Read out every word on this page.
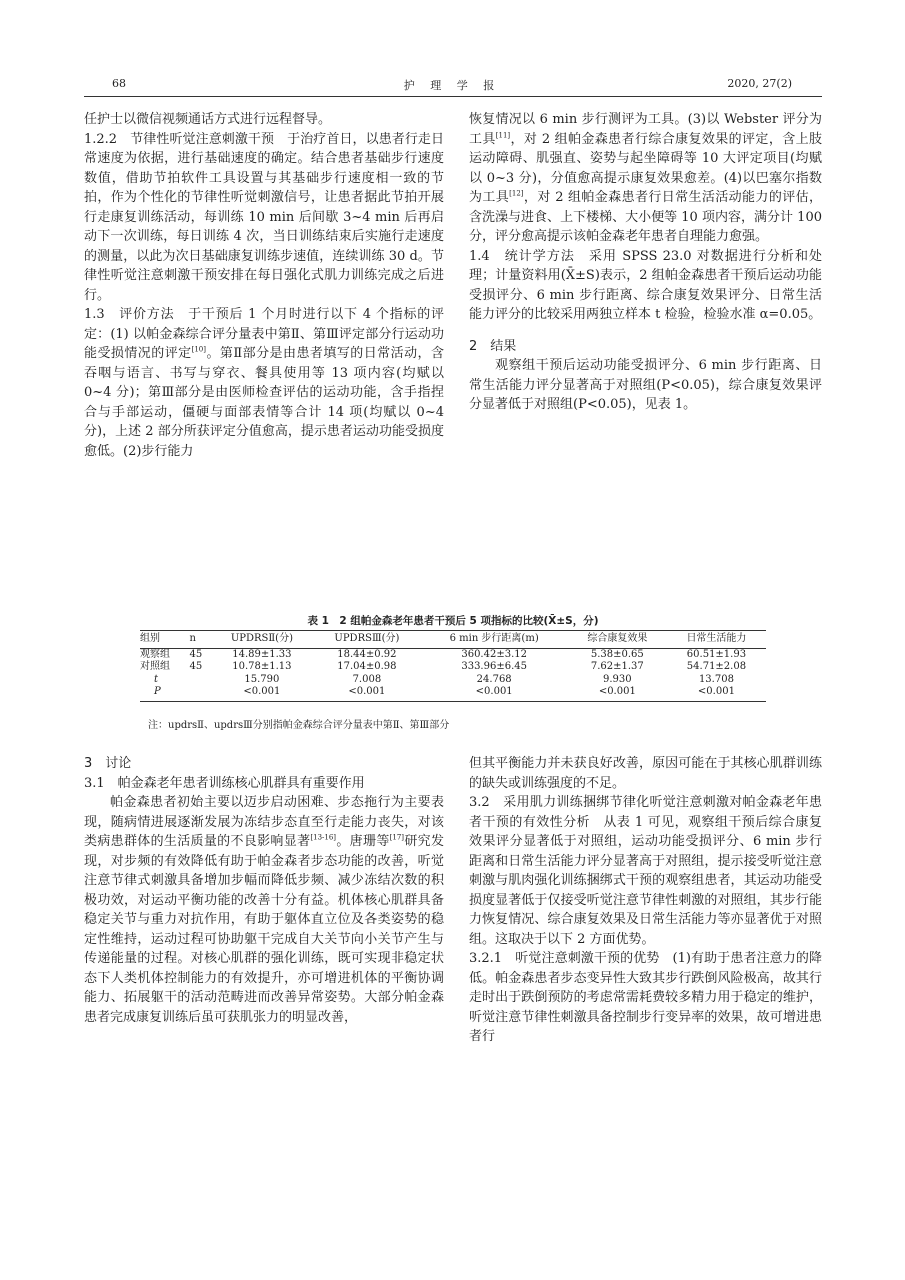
68	护 理 学 报	2020, 27(2)

任护士以微信视频通话方式进行远程督导。

1.2.2　节律性听觉注意刺激干预　于治疗首日，以患者行走日常速度为依据，进行基础速度的确定。结合患者基础步行速度数值，借助节拍软件工具设置与其基础步行速度相一致的节拍，作为个性化的节律性听觉刺激信号，让患者据此节拍开展行走康复训练活动，每训练 10 min 后间歇 3~4 min 后再启动下一次训练，每日训练 4 次，当日训练结束后实施行走速度的测量，以此为次日基础康复训练步速值，连续训练 30 d。节律性听觉注意刺激干预安排在每日强化式肌力训练完成之后进行。

1.3　评价方法　于干预后 1 个月时进行以下 4 个指标的评定：(1) 以帕金森综合评分量表中第Ⅱ、第Ⅲ评定部分行运动功能受损情况的评定[10]。第Ⅱ部分是由患者填写的日常活动，含吞咽与语言、书写与穿衣、餐具使用等 13 项内容(均赋以 0~4 分)；第Ⅲ部分是由医师检查评估的运动功能，含手指捏合与手部运动，僵硬与面部表情等合计 14 项(均赋以 0~4 分)，上述 2 部分所获评定分值愈高，提示患者运动功能受损度愈低。(2)步行能力

恢复情况以 6 min 步行测评为工具。(3)以 Webster 评分为工具[11]，对 2 组帕金森患者行综合康复效果的评定，含上肢运动障碍、肌强直、姿势与起坐障碍等 10 大评定项目(均赋以 0~3 分)，分值愈高提示康复效果愈差。(4)以巴塞尔指数为工具[12]，对 2 组帕金森患者行日常生活活动能力的评估，含洗澡与进食、上下楼梯、大小便等 10 项内容，满分计 100 分，评分愈高提示该帕金森老年患者自理能力愈强。

1.4　统计学方法　采用 SPSS 23.0 对数据进行分析和处理；计量资料用(X̄±S)表示，2 组帕金森患者干预后运动功能受损评分、6 min 步行距离、综合康复效果评分、日常生活能力评分的比较采用两独立样本 t 检验，检验水准 α=0.05。

2　结果

观察组干预后运动功能受损评分、6 min 步行距离、日常生活能力评分显著高于对照组(P<0.05)，综合康复效果评分显著低于对照组(P<0.05)，见表 1。

表 1　2 组帕金森老年患者干预后 5 项指标的比较(X̄±S，分)
组别	n	UPDRSⅡ(分)	UPDRSⅢ(分)	6 min 步行距离(m)	综合康复效果	日常生活能力
观察组	45	14.89±1.33	18.44±0.92	360.42±3.12	5.38±0.65	60.51±1.93
对照组	45	10.78±1.13	17.04±0.98	333.96±6.45	7.62±1.37	54.71±2.08
t		15.790	7.008	24.768	9.930	13.708
P		<0.001	<0.001	<0.001	<0.001	<0.001
注：updrsⅡ、updrsⅢ分别指帕金森综合评分量表中第Ⅱ、第Ⅲ部分

3　讨论

3.1　帕金森老年患者训练核心肌群具有重要作用

帕金森患者初始主要以迈步启动困难、步态拖行为主要表现，随病情进展逐渐发展为冻结步态直至行走能力丧失，对该类病患群体的生活质量的不良影响显著[13-16]。唐珊等[17]研究发现，对步频的有效降低有助于帕金森者步态功能的改善，听觉注意节律式刺激具备增加步幅而降低步频、减少冻结次数的积极功效，对运动平衡功能的改善十分有益。机体核心肌群具备稳定关节与重力对抗作用，有助于躯体直立位及各类姿势的稳定性维持，运动过程可协助躯干完成自大关节向小关节产生与传递能量的过程。对核心肌群的强化训练，既可实现非稳定状态下人类机体控制能力的有效提升，亦可增进机体的平衡协调能力、拓展躯干的活动范畴进而改善异常姿势。大部分帕金森患者完成康复训练后虽可获肌张力的明显改善，

但其平衡能力并未获良好改善，原因可能在于其核心肌群训练的缺失或训练强度的不足。

3.2　采用肌力训练捆绑节律化听觉注意刺激对帕金森老年患者干预的有效性分析　从表 1 可见，观察组干预后综合康复效果评分显著低于对照组，运动功能受损评分、6 min 步行距离和日常生活能力评分显著高于对照组，提示接受听觉注意刺激与肌肉强化训练捆绑式干预的观察组患者，其运动功能受损度显著低于仅接受听觉注意节律性刺激的对照组，其步行能力恢复情况、综合康复效果及日常生活能力等亦显著优于对照组。这取决于以下 2 方面优势。

3.2.1　听觉注意刺激干预的优势　(1)有助于患者注意力的降低。帕金森患者步态变异性大致其步行跌倒风险极高，故其行走时出于跌倒预防的考虑常需耗费较多精力用于稳定的维护，听觉注意节律性刺激具备控制步行变异率的效果，故可增进患者行
